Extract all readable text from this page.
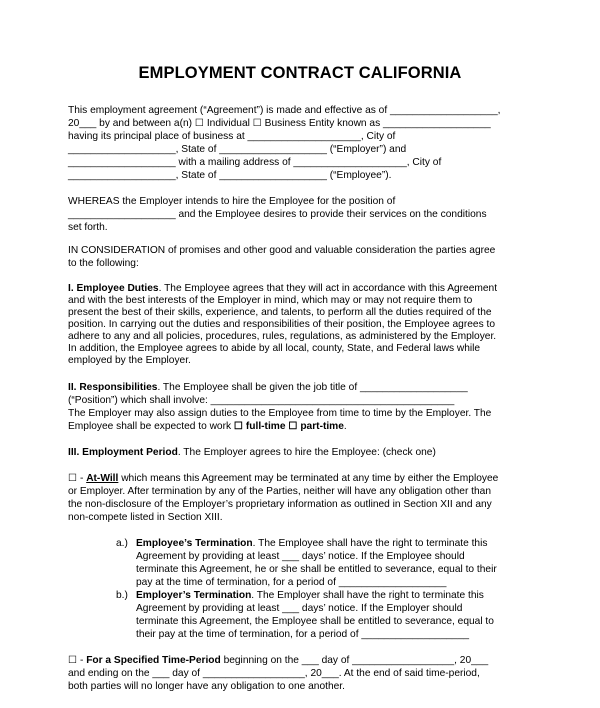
EMPLOYMENT CONTRACT CALIFORNIA
This employment agreement (“Agreement”) is made and effective as of ___________________,
20___ by and between a(n) ☐ Individual ☐ Business Entity known as ___________________
having its principal place of business at ____________________, City of
___________________, State of ___________________ (“Employer”) and
___________________ with a mailing address of ____________________, City of
___________________, State of ___________________ (“Employee”).
WHEREAS the Employer intends to hire the Employee for the position of
___________________ and the Employee desires to provide their services on the conditions
set forth.
IN CONSIDERATION of promises and other good and valuable consideration the parties agree
to the following:
I. Employee Duties. The Employee agrees that they will act in accordance with this Agreement
and with the best interests of the Employer in mind, which may or may not require them to
present the best of their skills, experience, and talents, to perform all the duties required of the
position. In carrying out the duties and responsibilities of their position, the Employee agrees to
adhere to any and all policies, procedures, rules, regulations, as administered by the Employer.
In addition, the Employee agrees to abide by all local, county, State, and Federal laws while
employed by the Employer.
II. Responsibilities. The Employee shall be given the job title of ___________________
(“Position”) which shall involve: ___________________________________________
The Employer may also assign duties to the Employee from time to time by the Employer. The
Employee shall be expected to work ☐ full-time ☐ part-time.
III. Employment Period. The Employer agrees to hire the Employee: (check one)
☐ - At-Will which means this Agreement may be terminated at any time by either the Employee
or Employer. After termination by any of the Parties, neither will have any obligation other than
the non-disclosure of the Employer’s proprietary information as outlined in Section XII and any
non-compete listed in Section XIII.
a.) Employee’s Termination. The Employee shall have the right to terminate this
Agreement by providing at least ___ days’ notice. If the Employee should
terminate this Agreement, he or she shall be entitled to severance, equal to their
pay at the time of termination, for a period of ___________________
b.) Employer’s Termination. The Employer shall have the right to terminate this
Agreement by providing at least ___ days’ notice. If the Employer should
terminate this Agreement, the Employee shall be entitled to severance, equal to
their pay at the time of termination, for a period of ___________________
☐ - For a Specified Time-Period beginning on the ___ day of __________________, 20___
and ending on the ___ day of __________________, 20___. At the end of said time-period,
both parties will no longer have any obligation to one another.
